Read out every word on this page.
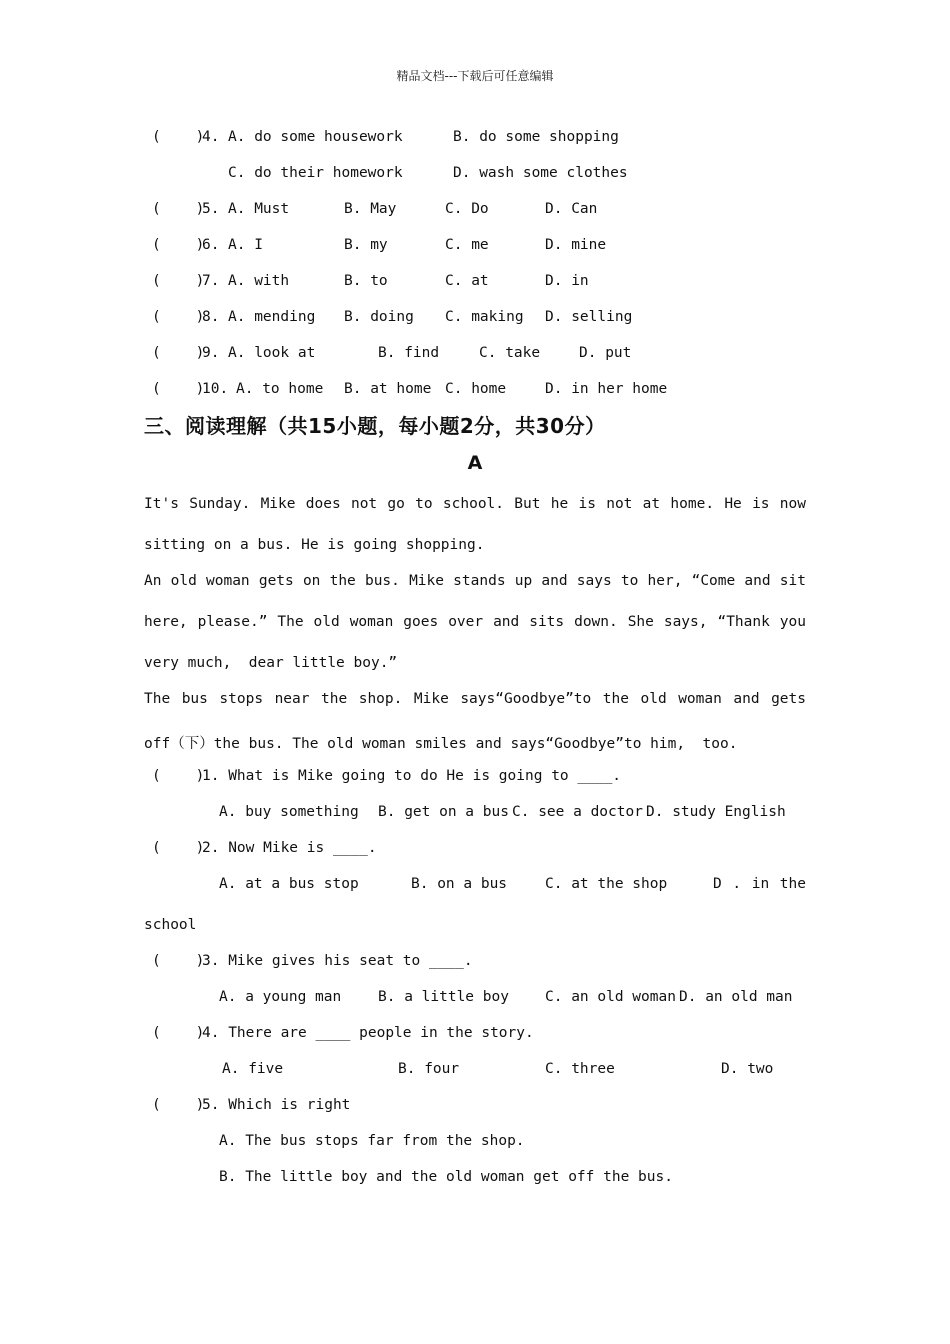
精品文档---下载后可任意编辑
(    )
4. A. do some housework	B. do some shopping
C. do their homework	D. wash some clothes
(    )
5. A. Must	B. May	C. Do	D. Can
(    )
6. A. I	B. my	C. me	D. mine
(    )
7. A. with	B. to	C. at	D. in
(    )
8. A. mending B. doing C. making D. selling
(    )
9. A. look at	B. find	C. take	D. put
(    )
10. A. to home B. at home C. home	D. in her home
三、阅读理解（共15小题，每小题2分，共30分）
A
It's Sunday. Mike does not go to school. But he is not at home. He is now
sitting on a bus. He is going shopping.
An old woman gets on the bus. Mike stands up and says to her, “Come and sit
here, please.” The old woman goes over and sits down. She says, “Thank you
very much,  dear little boy.”
The bus stops near the shop. Mike says“Goodbye”to the old woman and gets
off（下）the bus. The old woman smiles and says“Goodbye”to him,  too.
(    )
1. What is Mike going to do He is going to ____.
A. buy something B. get on a bus C. see a doctor D. study English
(    )
2. Now Mike is ____.
A. at a bus stop	B. on a bus	C. at the shop	D . in the
school
(    )
3. Mike gives his seat to ____.
A. a young man	B. a little boy C. an old woman D. an old man
(    )
4. There are ____ people in the story.
A. five	B. four	C. three	D. two
(    )
5. Which is right
A. The bus stops far from the shop.
B. The little boy and the old woman get off the bus.
